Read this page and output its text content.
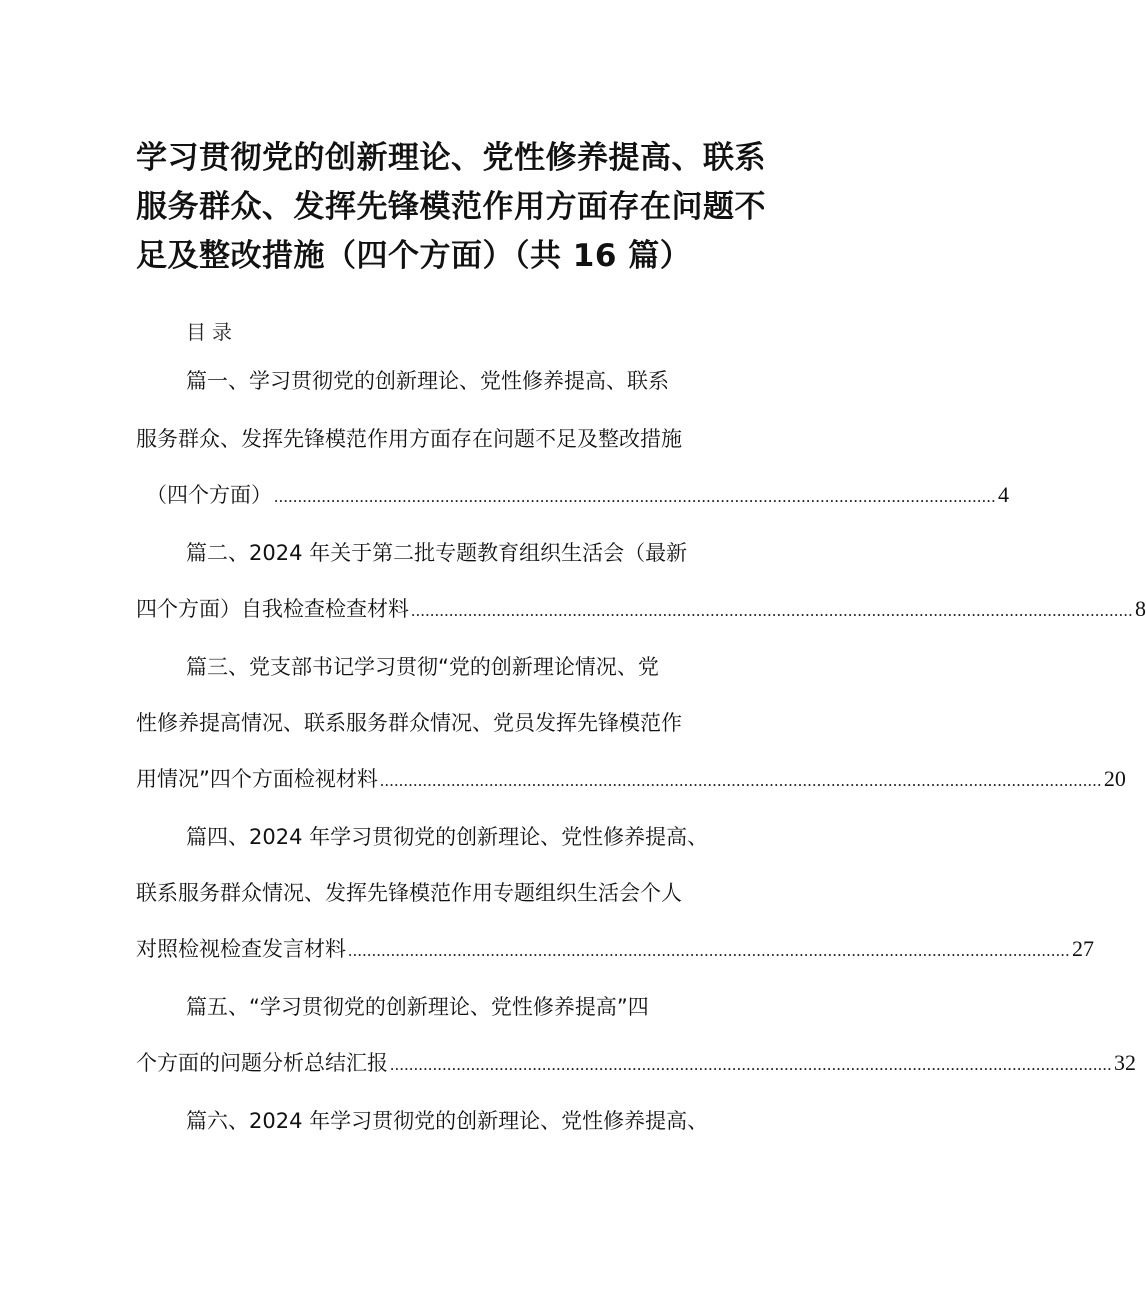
学习贯彻党的创新理论、党性修养提高、联系
服务群众、发挥先锋模范作用方面存在问题不
足及整改措施（四个方面）（共 16 篇）
目录
篇一、学习贯彻党的创新理论、党性修养提高、联系
服务群众、发挥先锋模范作用方面存在问题不足及整改措施
（四个方面） ........................................................................................................................................................ 4
篇二、2024 年关于第二批专题教育组织生活会（最新
四个方面）自我检查检查材料 ........................................................................................................................................................ 8
篇三、党支部书记学习贯彻“党的创新理论情况、党
性修养提高情况、联系服务群众情况、党员发挥先锋模范作
用情况”四个方面检视材料 ........................................................................................................................................................ 20
篇四、2024 年学习贯彻党的创新理论、党性修养提高、
联系服务群众情况、发挥先锋模范作用专题组织生活会个人
对照检视检查发言材料 ........................................................................................................................................................ 27
篇五、“学习贯彻党的创新理论、党性修养提高”四
个方面的问题分析总结汇报 ........................................................................................................................................................ 32
篇六、2024 年学习贯彻党的创新理论、党性修养提高、
